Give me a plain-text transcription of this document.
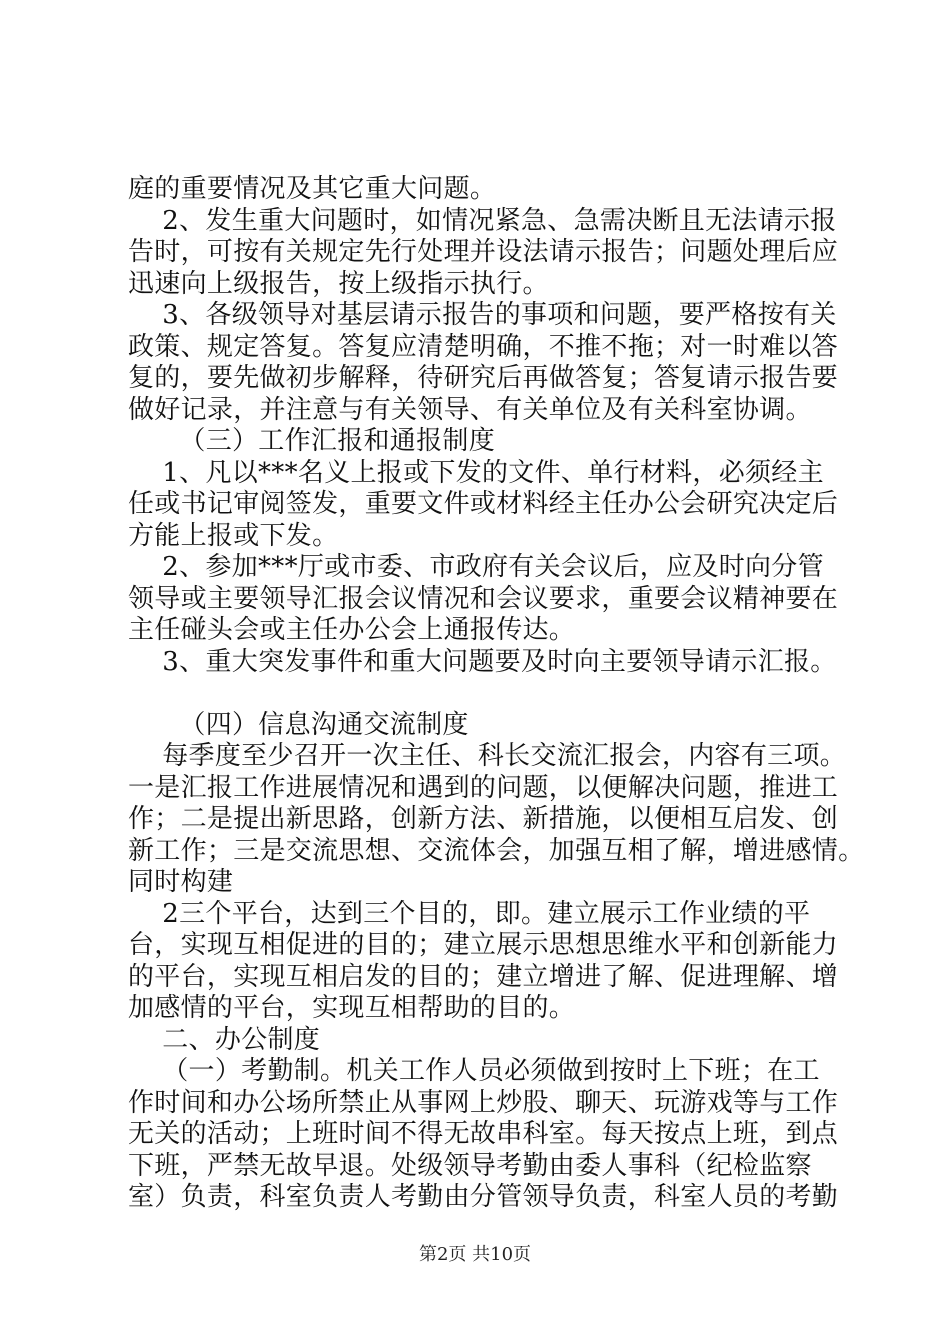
庭的重要情况及其它重大问题。
2、发生重大问题时，如情况紧急、急需决断且无法请示报
告时，可按有关规定先行处理并设法请示报告；问题处理后应
迅速向上级报告，按上级指示执行。
3、各级领导对基层请示报告的事项和问题，要严格按有关
政策、规定答复。答复应清楚明确，不推不拖；对一时难以答
复的，要先做初步解释，待研究后再做答复；答复请示报告要
做好记录，并注意与有关领导、有关单位及有关科室协调。
（三）工作汇报和通报制度
1、凡以***名义上报或下发的文件、单行材料，必须经主
任或书记审阅签发，重要文件或材料经主任办公会研究决定后
方能上报或下发。
2、参加***厅或市委、市政府有关会议后，应及时向分管
领导或主要领导汇报会议情况和会议要求，重要会议精神要在
主任碰头会或主任办公会上通报传达。
3、重大突发事件和重大问题要及时向主要领导请示汇报。
（四）信息沟通交流制度
每季度至少召开一次主任、科长交流汇报会，内容有三项。
一是汇报工作进展情况和遇到的问题，以便解决问题，推进工
作；二是提出新思路，创新方法、新措施，以便相互启发、创
新工作；三是交流思想、交流体会，加强互相了解，增进感情。
同时构建
2三个平台，达到三个目的，即。建立展示工作业绩的平
台，实现互相促进的目的；建立展示思想思维水平和创新能力
的平台，实现互相启发的目的；建立增进了解、促进理解、增
加感情的平台，实现互相帮助的目的。
二、办公制度
（一）考勤制。机关工作人员必须做到按时上下班；在工
作时间和办公场所禁止从事网上炒股、聊天、玩游戏等与工作
无关的活动；上班时间不得无故串科室。每天按点上班，到点
下班，严禁无故早退。处级领导考勤由委人事科（纪检监察
室）负责，科室负责人考勤由分管领导负责，科室人员的考勤
第2页 共10页
